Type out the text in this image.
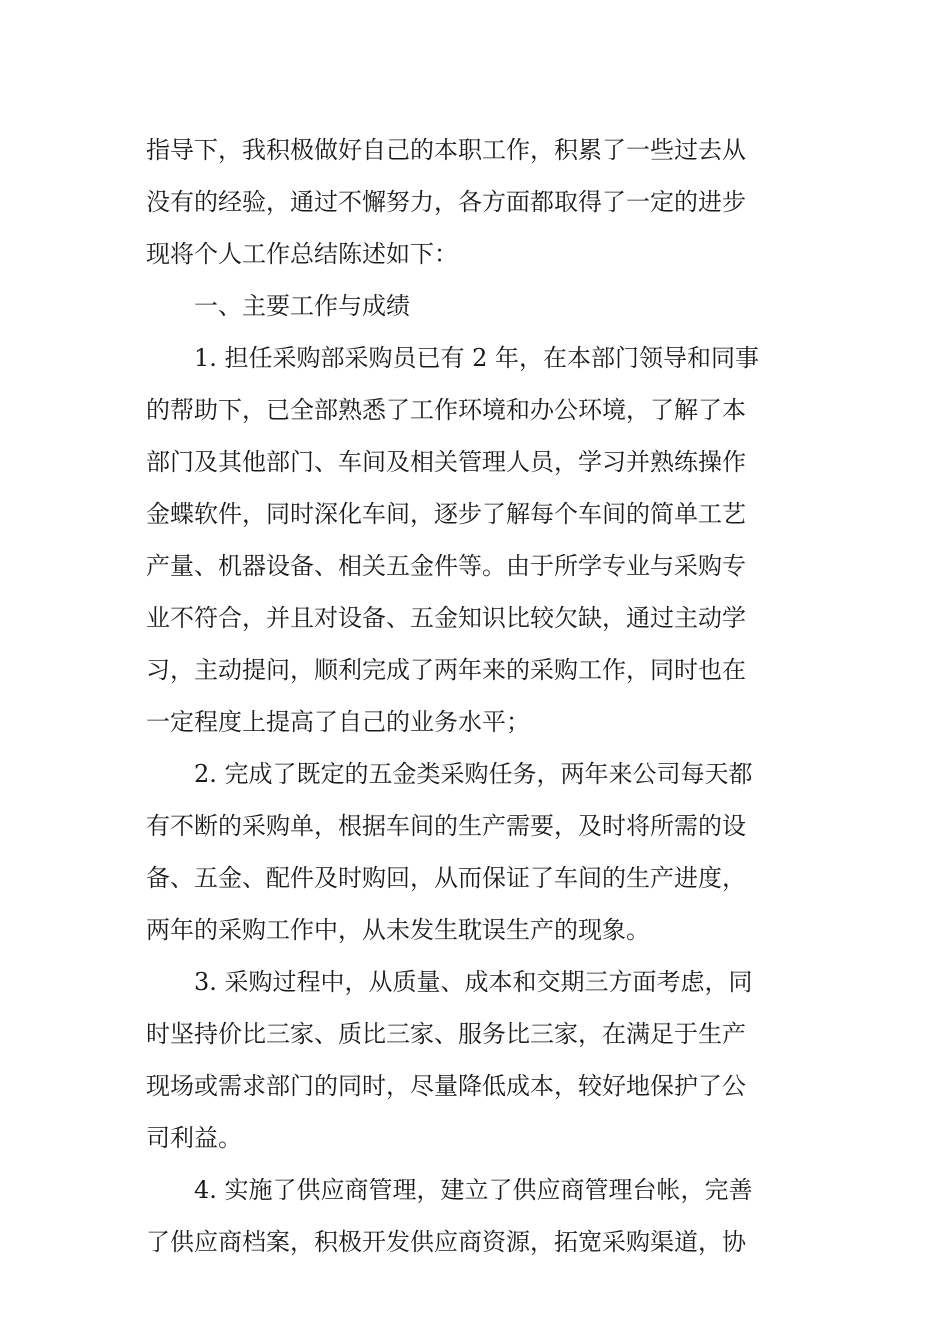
指导下，我积极做好自己的本职工作，积累了一些过去从
没有的经验，通过不懈努力，各方面都取得了一定的进步
现将个人工作总结陈述如下：
一、主要工作与成绩
1. 担任采购部采购员已有 2 年，在本部门领导和同事
的帮助下，已全部熟悉了工作环境和办公环境，了解了本
部门及其他部门、车间及相关管理人员，学习并熟练操作
金蝶软件，同时深化车间，逐步了解每个车间的简单工艺
产量、机器设备、相关五金件等。由于所学专业与采购专
业不符合，并且对设备、五金知识比较欠缺，通过主动学
习，主动提问，顺利完成了两年来的采购工作，同时也在
一定程度上提高了自己的业务水平；
2. 完成了既定的五金类采购任务，两年来公司每天都
有不断的采购单，根据车间的生产需要，及时将所需的设
备、五金、配件及时购回，从而保证了车间的生产进度，
两年的采购工作中，从未发生耽误生产的现象。
3. 采购过程中，从质量、成本和交期三方面考虑，同
时坚持价比三家、质比三家、服务比三家，在满足于生产
现场或需求部门的同时，尽量降低成本，较好地保护了公
司利益。
4. 实施了供应商管理，建立了供应商管理台帐，完善
了供应商档案，积极开发供应商资源，拓宽采购渠道，协
